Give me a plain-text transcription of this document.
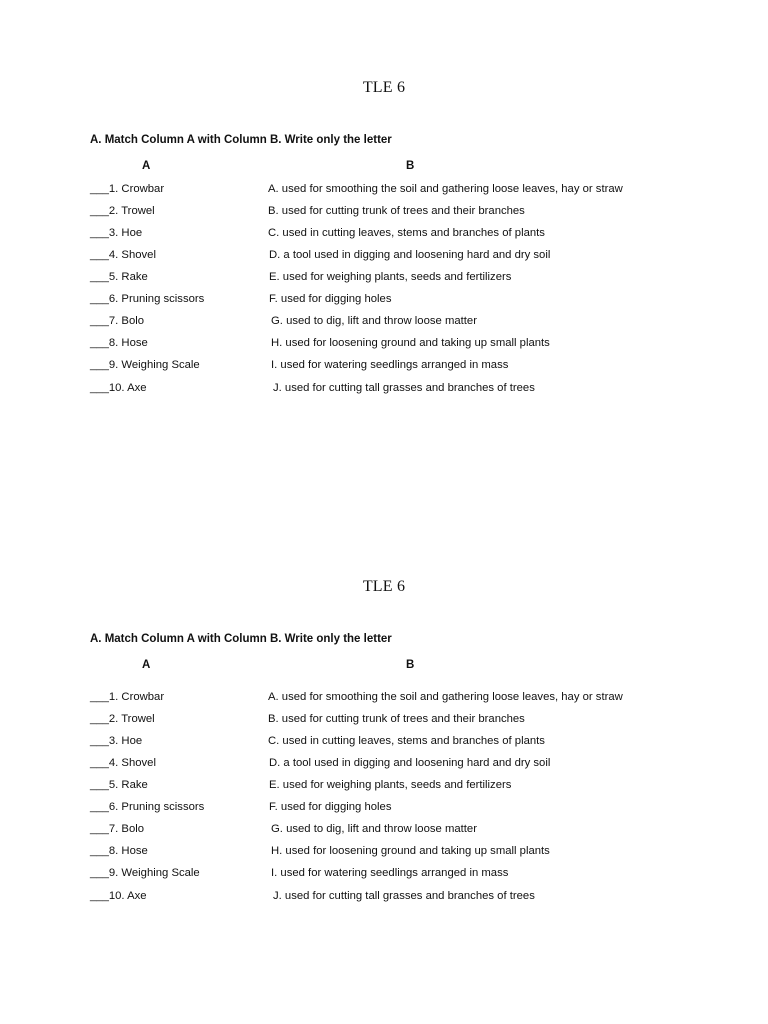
TLE 6
A. Match Column A with Column B. Write only the letter
A	B
___1. Crowbar	A. used for smoothing the soil and gathering loose leaves, hay or straw
___2. Trowel	B. used for cutting trunk of trees and their branches
___3. Hoe	C. used in cutting leaves, stems and branches of plants
___4. Shovel	D. a tool used in digging and loosening hard and dry soil
___5. Rake	E. used for weighing plants, seeds and fertilizers
___6. Pruning scissors	F. used for digging holes
___7. Bolo	G. used to dig, lift and throw loose matter
___8. Hose	H. used for loosening ground and taking up small plants
___9. Weighing Scale	I. used for watering seedlings arranged in mass
___10. Axe	J. used for cutting tall grasses and branches of trees
TLE 6
A. Match Column A with Column B. Write only the letter
A	B
___1. Crowbar	A. used for smoothing the soil and gathering loose leaves, hay or straw
___2. Trowel	B. used for cutting trunk of trees and their branches
___3. Hoe	C. used in cutting leaves, stems and branches of plants
___4. Shovel	D. a tool used in digging and loosening hard and dry soil
___5. Rake	E. used for weighing plants, seeds and fertilizers
___6. Pruning scissors	F. used for digging holes
___7. Bolo	G. used to dig, lift and throw loose matter
___8. Hose	H. used for loosening ground and taking up small plants
___9. Weighing Scale	I. used for watering seedlings arranged in mass
___10. Axe	J. used for cutting tall grasses and branches of trees
